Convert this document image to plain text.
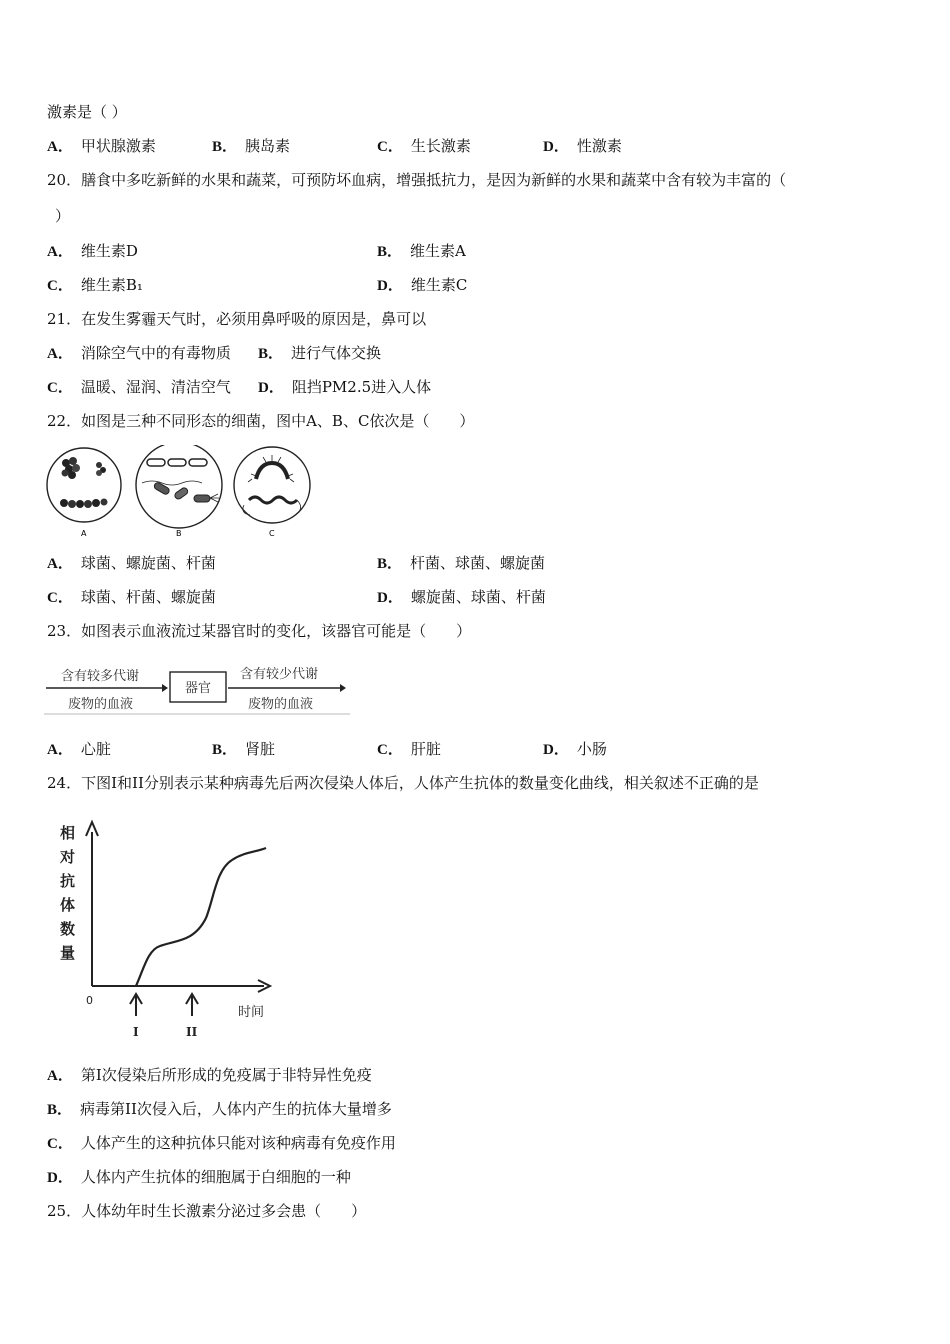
激素是（ ）
A． 甲状腺激素	B． 胰岛素	C． 生长激素	D． 性激素
20．膳食中多吃新鲜的水果和蔬菜，可预防坏血病，增强抵抗力，是因为新鲜的水果和蔬菜中含有较为丰富的（
）
A． 维生素D	B． 维生素A
C． 维生素B₁	D． 维生素C
21．在发生雾霾天气时，必须用鼻呼吸的原因是，鼻可以
A． 消除空气中的有毒物质 B． 进行气体交换
C． 温暖、湿润、清洁空气 D． 阻挡PM2.5进入人体
22．如图是三种不同形态的细菌，图中A、B、C依次是（　　）
A	B	C
A． 球菌、螺旋菌、杆菌	B． 杆菌、球菌、螺旋菌
C． 球菌、杆菌、螺旋菌	D． 螺旋菌、球菌、杆菌
23．如图表示血液流过某器官时的变化，该器官可能是（　　）
含有较多代谢
废物的血液
器官
含有较少代谢
废物的血液
A． 心脏	B． 肾脏	C． 肝脏	D． 小肠
24．下图I和II分别表示某种病毒先后两次侵染人体后，人体产生抗体的数量变化曲线，相关叙述不正确的是
相 对 抗 体 数 量
0
时间
I	II
A． 第I次侵染后所形成的免疫属于非特异性免疫
B． 病毒第II次侵入后，人体内产生的抗体大量增多
C． 人体产生的这种抗体只能对该种病毒有免疫作用
D． 人体内产生抗体的细胞属于白细胞的一种
25．人体幼年时生长激素分泌过多会患（　　）
